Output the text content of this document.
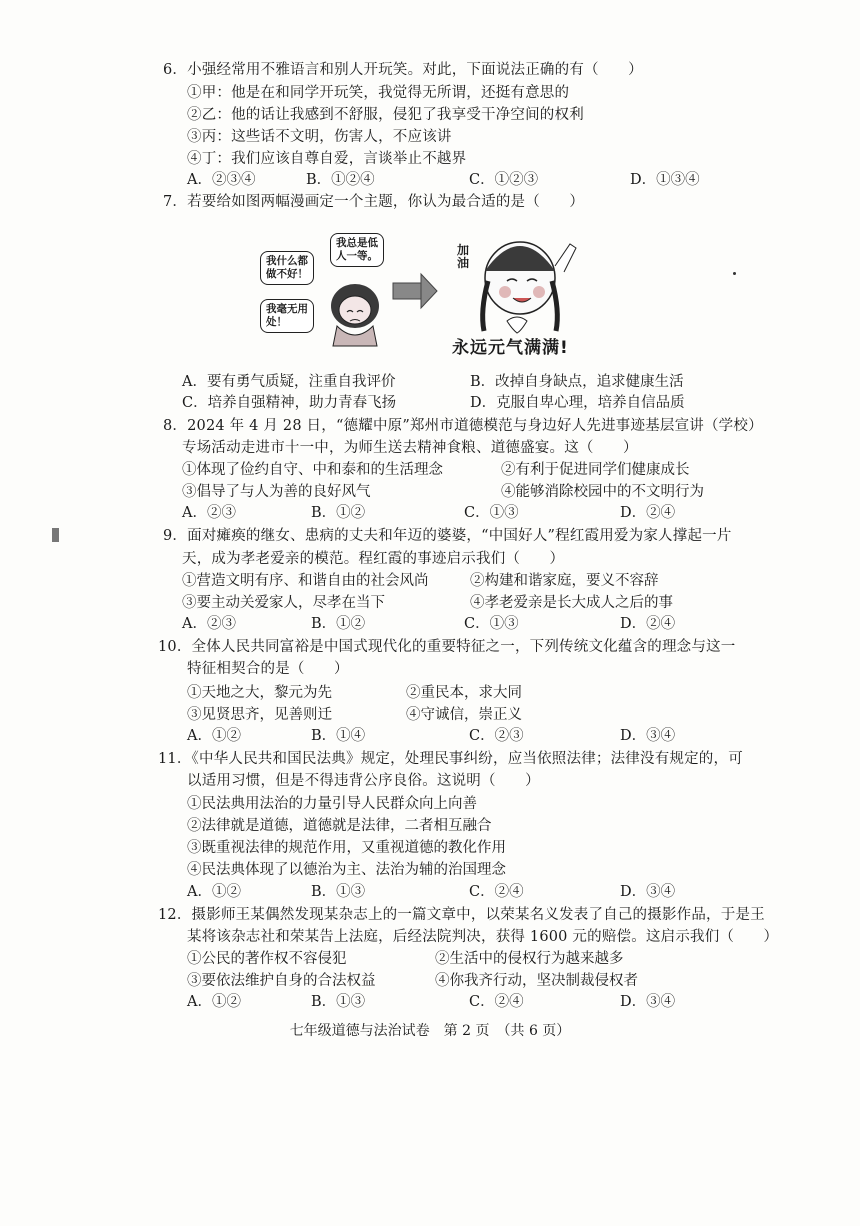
6．小强经常用不雅语言和别人开玩笑。对此，下面说法正确的有（　　）
①甲：他是在和同学开玩笑，我觉得无所谓，还挺有意思的
②乙：他的话让我感到不舒服，侵犯了我享受干净空间的权利
③丙：这些话不文明，伤害人，不应该讲
④丁：我们应该自尊自爱，言谈举止不越界
A．②③④	B．①②④	C．①②③	D．①③④
7．若要给如图两幅漫画定一个主题，你认为最合适的是（　　）
我什么都
做不好！
我总是低
人一等。
我毫无用
处！
加
油
永远元气满满!
A．要有勇气质疑，注重自我评价	B．改掉自身缺点，追求健康生活
C．培养自强精神，助力青春飞扬	D．克服自卑心理，培养自信品质
8．2024 年 4 月 28 日，“德耀中原”郑州市道德模范与身边好人先进事迹基层宣讲（学校）
专场活动走进市十一中，为师生送去精神食粮、道德盛宴。这（　　）
①体现了俭约自守、中和泰和的生活理念	②有利于促进同学们健康成长
③倡导了与人为善的良好风气	④能够消除校园中的不文明行为
A．②③	B．①②	C．①③	D．②④
9．面对瘫痪的继女、患病的丈夫和年迈的婆婆，“中国好人”程红霞用爱为家人撑起一片
天，成为孝老爱亲的模范。程红霞的事迹启示我们（　　）
①营造文明有序、和谐自由的社会风尚	②构建和谐家庭，要义不容辞
③要主动关爱家人，尽孝在当下	④孝老爱亲是长大成人之后的事
A．②③	B．①②	C．①③	D．②④
10．全体人民共同富裕是中国式现代化的重要特征之一，下列传统文化蕴含的理念与这一
特征相契合的是（　　）
①天地之大，黎元为先	②重民本，求大同
③见贤思齐，见善则迁	④守诚信，崇正义
A．①②	B．①④	C．②③	D．③④
11．《中华人民共和国民法典》规定，处理民事纠纷，应当依照法律；法律没有规定的，可
以适用习惯，但是不得违背公序良俗。这说明（　　）
①民法典用法治的力量引导人民群众向上向善
②法律就是道德，道德就是法律，二者相互融合
③既重视法律的规范作用，又重视道德的教化作用
④民法典体现了以德治为主、法治为辅的治国理念
A．①②	B．①③	C．②④	D．③④
12．摄影师王某偶然发现某杂志上的一篇文章中，以荣某名义发表了自己的摄影作品，于是王
某将该杂志社和荣某告上法庭，后经法院判决，获得 1600 元的赔偿。这启示我们（　　）
①公民的著作权不容侵犯	②生活中的侵权行为越来越多
③要依法维护自身的合法权益	④你我齐行动，坚决制裁侵权者
A．①②	B．①③	C．②④	D．③④
七年级道德与法治试卷　第 2 页　（共 6 页）
